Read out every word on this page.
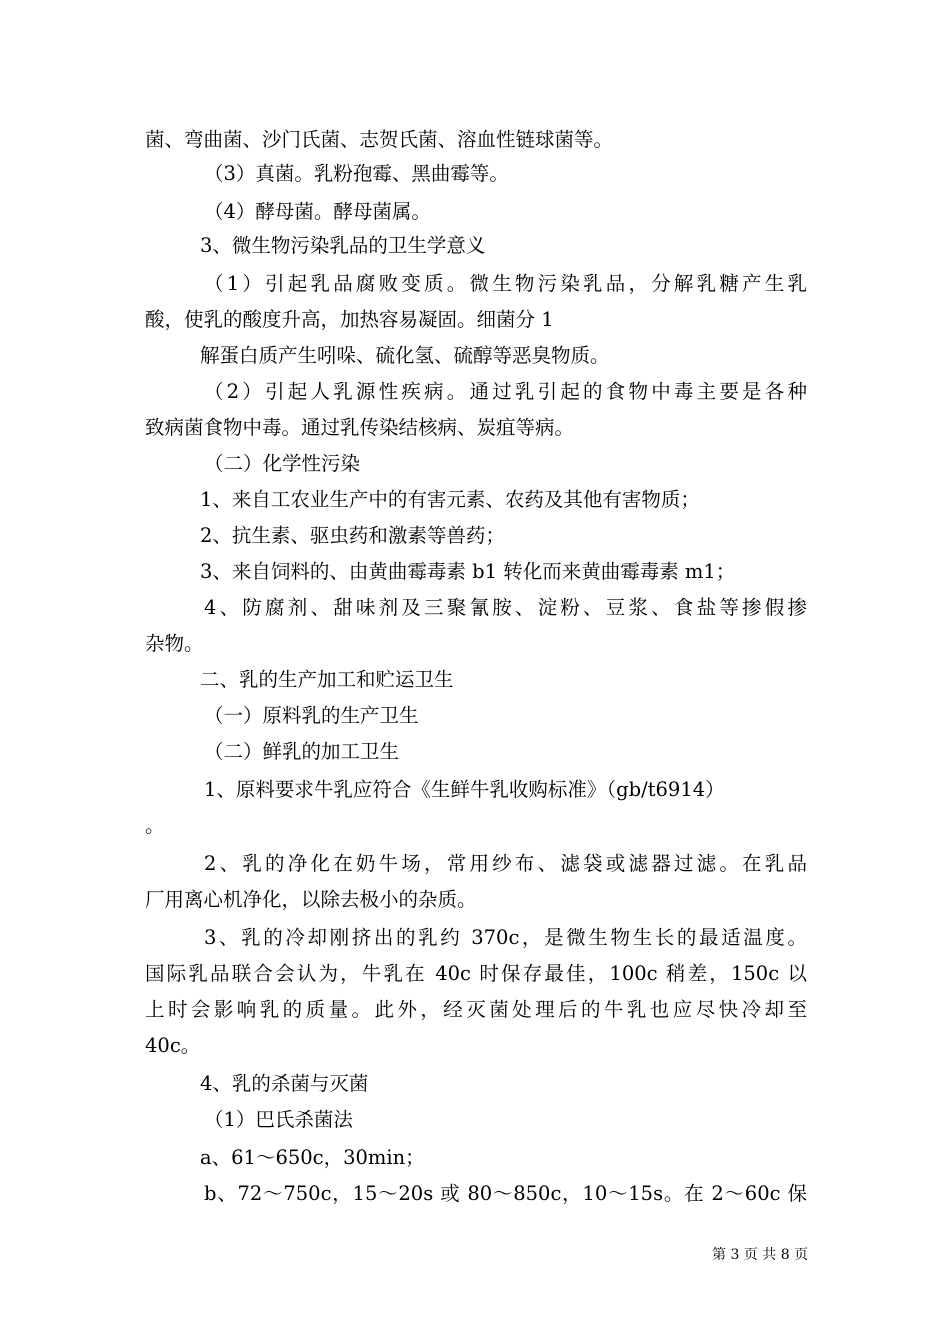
菌、弯曲菌、沙门氏菌、志贺氏菌、溶血性链球菌等。
（3）真菌。乳粉孢霉、黑曲霉等。
（4）酵母菌。酵母菌属。
3、微生物污染乳品的卫生学意义
（1）引起乳品腐败变质。微生物污染乳品，分解乳糖产生乳
酸，使乳的酸度升高，加热容易凝固。细菌分 1
解蛋白质产生吲哚、硫化氢、硫醇等恶臭物质。
（2）引起人乳源性疾病。通过乳引起的食物中毒主要是各种
致病菌食物中毒。通过乳传染结核病、炭疽等病。
（二）化学性污染
1、来自工农业生产中的有害元素、农药及其他有害物质；
2、抗生素、驱虫药和激素等兽药；
3、来自饲料的、由黄曲霉毒素 b1 转化而来黄曲霉毒素 m1；
4、防腐剂、甜味剂及三聚氰胺、淀粉、豆浆、食盐等掺假掺
杂物。
二、乳的生产加工和贮运卫生
（一）原料乳的生产卫生
（二）鲜乳的加工卫生
1、原料要求牛乳应符合《生鲜牛乳收购标准》（gb/t6914）
。
2、乳的净化在奶牛场，常用纱布、滤袋或滤器过滤。在乳品
厂用离心机净化，以除去极小的杂质。
3、乳的冷却刚挤出的乳约 370c，是微生物生长的最适温度。
国际乳品联合会认为，牛乳在 40c 时保存最佳，100c 稍差，150c 以
上时会影响乳的质量。此外，经灭菌处理后的牛乳也应尽快冷却至
40c。
4、乳的杀菌与灭菌
（1）巴氏杀菌法
a、61～650c，30min；
b、72～750c，15～20s 或 80～850c，10～15s。在 2～60c 保
第 3 页 共 8 页
